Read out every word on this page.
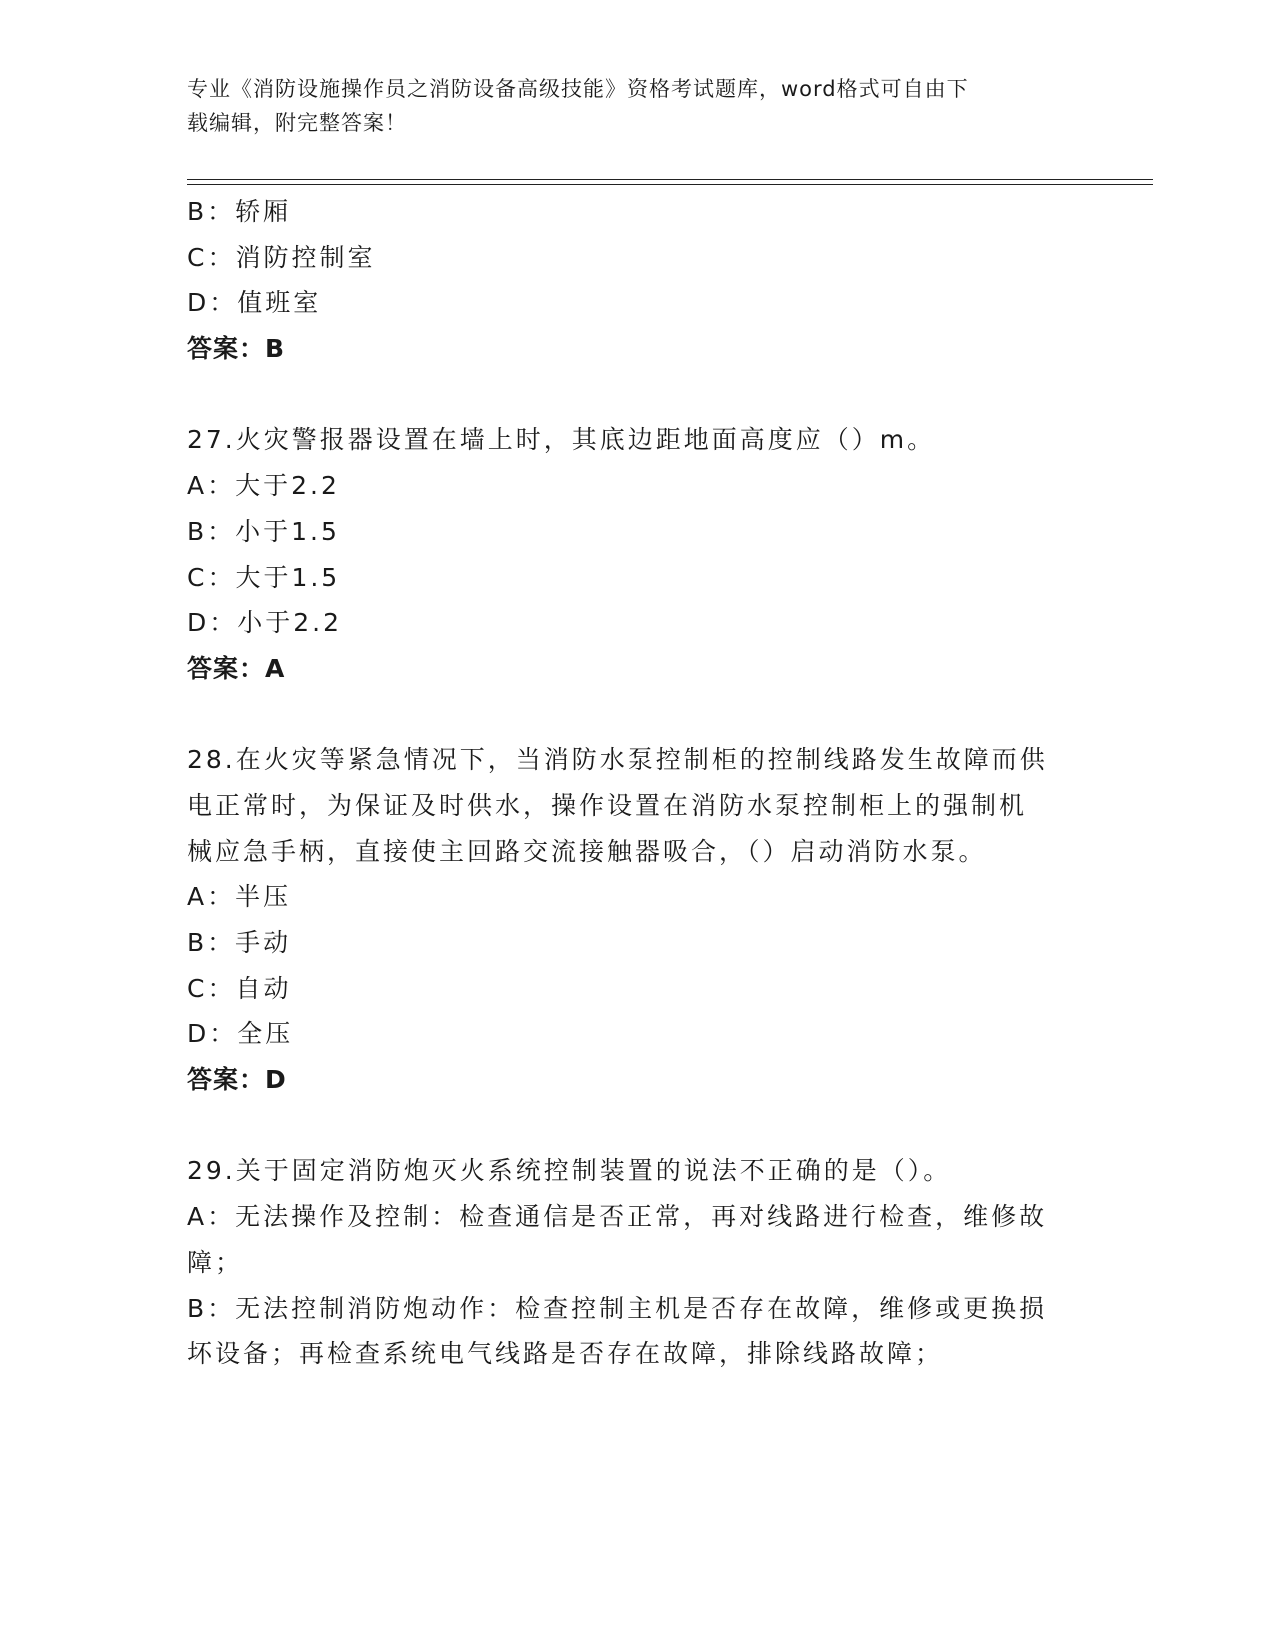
专业《消防设施操作员之消防设备高级技能》资格考试题库，word格式可自由下
载编辑，附完整答案！
B：轿厢
C：消防控制室
D：值班室
答案：B
27.火灾警报器设置在墙上时，其底边距地面高度应（）m。
A：大于2.2
B：小于1.5
C：大于1.5
D：小于2.2
答案：A
28.在火灾等紧急情况下，当消防水泵控制柜的控制线路发生故障而供
电正常时，为保证及时供水，操作设置在消防水泵控制柜上的强制机
械应急手柄，直接使主回路交流接触器吸合，（）启动消防水泵。
A：半压
B：手动
C：自动
D：全压
答案：D
29.关于固定消防炮灭火系统控制装置的说法不正确的是（）。
A：无法操作及控制：检查通信是否正常，再对线路进行检查，维修故
障；
B：无法控制消防炮动作：检查控制主机是否存在故障，维修或更换损
坏设备；再检查系统电气线路是否存在故障，排除线路故障；
